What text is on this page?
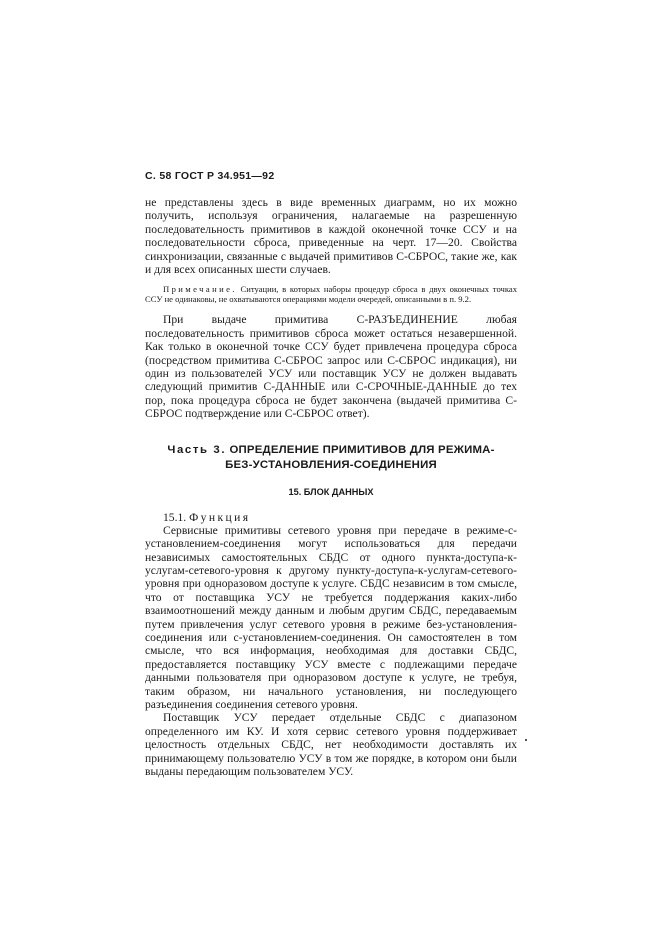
С. 58 ГОСТ Р 34.951—92

не представлены здесь в виде временных диаграмм, но их можно получить, используя ограничения, налагаемые на разрешенную последовательность примитивов в каждой оконечной точке ССУ и на последовательности сброса, приведенные на черт. 17—20. Свойства синхронизации, связанные с выдачей примитивов С-СБРОС, такие же, как и для всех описанных шести случаев.

Примечание. Ситуации, в которых наборы процедур сброса в двух оконечных точках ССУ не одинаковы, не охватываются операциями модели очередей, описанными в п. 9.2.

При выдаче примитива С-РАЗЪЕДИНЕНИЕ любая последовательность примитивов сброса может остаться незавершенной. Как только в оконечной точке ССУ будет привлечена процедура сброса (посредством примитива С-СБРОС запрос или С-СБРОС индикация), ни один из пользователей УСУ или поставщик УСУ не должен выдавать следующий примитив С-ДАННЫЕ или С-СРОЧНЫЕ-ДАННЫЕ до тех пор, пока процедура сброса не будет закончена (выдачей примитива С-СБРОС подтверждение или С-СБРОС ответ).

Часть 3. ОПРЕДЕЛЕНИЕ ПРИМИТИВОВ ДЛЯ РЕЖИМА-
БЕЗ-УСТАНОВЛЕНИЯ-СОЕДИНЕНИЯ
15. БЛОК ДАННЫХ

15.1. Функция

Сервисные примитивы сетевого уровня при передаче в режиме-с-установлением-соединения могут использоваться для передачи независимых самостоятельных СБДС от одного пункта-доступа-к-услугам-сетевого-уровня к другому пункту-доступа-к-услугам-сетевого-уровня при одноразовом доступе к услуге. СБДС независим в том смысле, что от поставщика УСУ не требуется поддержания каких-либо взаимоотношений между данным и любым другим СБДС, передаваемым путем привлечения услуг сетевого уровня в режиме без-установления-соединения или с-установлением-соединения. Он самостоятелен в том смысле, что вся информация, необходимая для доставки СБДС, предоставляется поставщику УСУ вместе с подлежащими передаче данными пользователя при одноразовом доступе к услуге, не требуя, таким образом, ни начального установления, ни последующего разъединения соединения сетевого уровня.

Поставщик УСУ передает отдельные СБДС с диапазоном определенного им КУ. И хотя сервис сетевого уровня поддерживает целостность отдельных СБДС, нет необходимости доставлять их принимающему пользователю УСУ в том же порядке, в котором они были выданы передающим пользователем УСУ.
